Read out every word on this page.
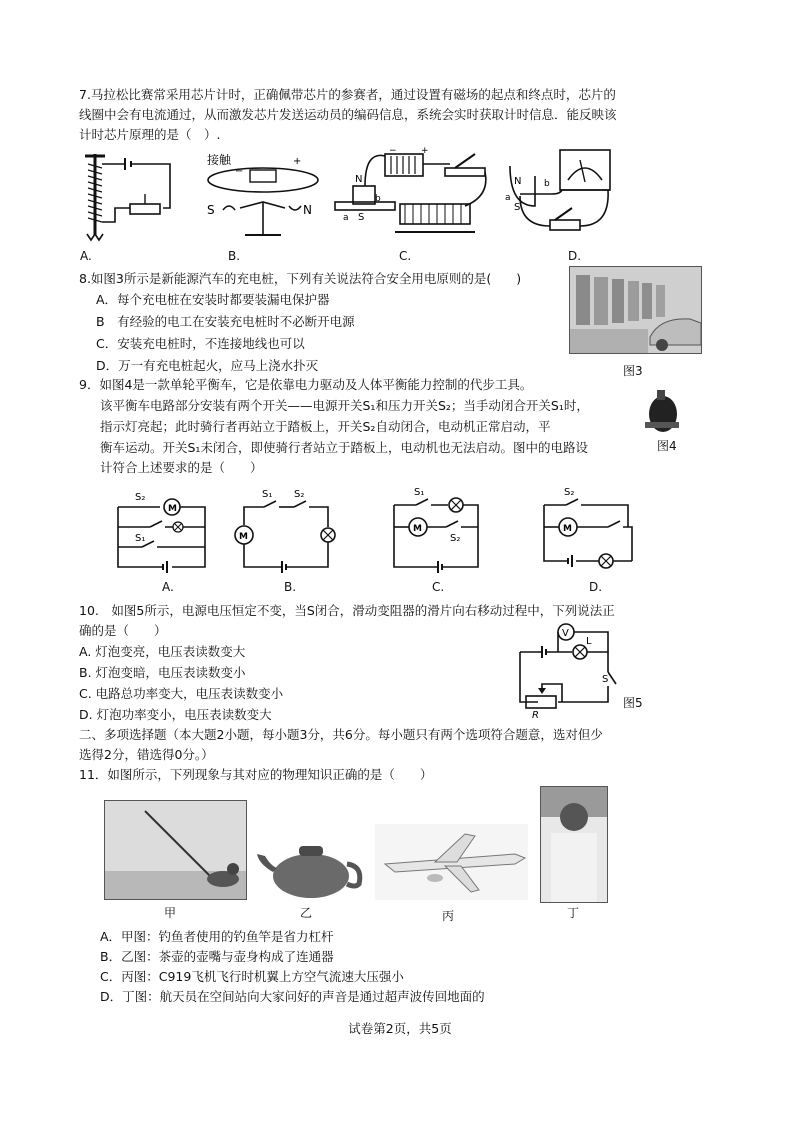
7.马拉松比赛常采用芯片计时，正确佩带芯片的参赛者，通过设置有磁场的起点和终点时，芯片的
线圈中会有电流通过，从而激发芯片发送运动员的编码信息，系统会实时获取计时信息．能反映该
计时芯片原理的是（　）.
A.
接触	+
−
S	N
B.
−	+
N
S
a
b
C.
N
S
a
b
D.
8.如图3所示是新能源汽车的充电桩，下列有关说法符合安全用电原则的是(　　)
A．每个充电桩在安装时都要装漏电保护器
B　有经验的电工在安装充电桩时不必断开电源
C．安装充电桩时，不连接地线也可以
D．万一有充电桩起火，应马上浇水扑灭	图3
9．如图4是一款单轮平衡车，它是依靠电力驱动及人体平衡能力控制的代步工具。
该平衡车电路部分安装有两个开关——电源开关S₁和压力开关S₂；当手动闭合开关S₁时，
指示灯亮起；此时骑行者再站立于踏板上，开关S₂自动闭合，电动机正常启动，平
衡车运动。开关S₁未闭合，即使骑行者站立于踏板上，电动机也无法启动。图中的电路设
计符合上述要求的是（　　）
图4
S₂
M
S₁
A.
M
S₁ S₂
B.
M
S₁
S₂
C.
M
S₂
D.
10.　如图5所示，电源电压恒定不变，当S闭合，滑动变阻器的滑片向右移动过程中，下列说法正
确的是（　　）
A. 灯泡变亮，电压表读数变大
B. 灯泡变暗，电压表读数变小
C. 电路总功率变大，电压表读数变小
D. 灯泡功率变小，电压表读数变大
V
L
S
R
图5
二、多项选择题（本大题2小题，每小题3分，共6分。每小题只有两个选项符合题意，选对但少
选得2分，错选得0分。）
11．如图所示，下列现象与其对应的物理知识正确的是（　　）
甲	乙	丙	丁
A．甲图：钓鱼者使用的钓鱼竿是省力杠杆
B．乙图：茶壶的壶嘴与壶身构成了连通器
C．丙图：C919飞机飞行时机翼上方空气流速大压强小
D．丁图：航天员在空间站向大家问好的声音是通过超声波传回地面的
试卷第2页，共5页
